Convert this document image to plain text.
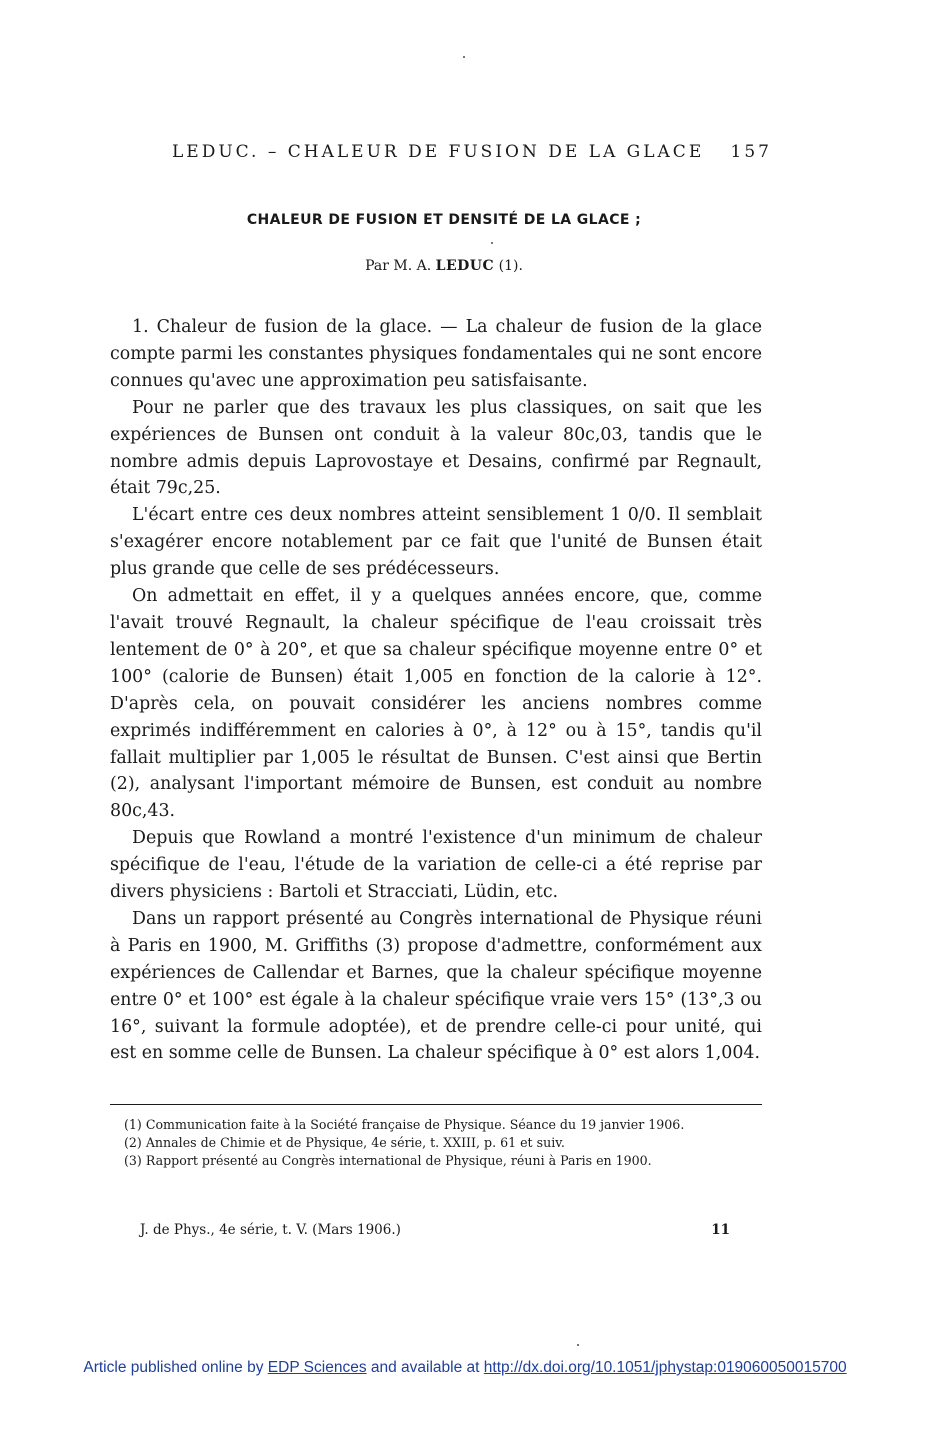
LEDUC. – CHALEUR DE FUSION DE LA GLACE 157
CHALEUR DE FUSION ET DENSITÉ DE LA GLACE ;
Par M. A. LEDUC (1).

1. Chaleur de fusion de la glace. — La chaleur de fusion de la glace compte parmi les constantes physiques fondamentales qui ne sont encore connues qu'avec une approximation peu satisfaisante.

Pour ne parler que des travaux les plus classiques, on sait que les expériences de Bunsen ont conduit à la valeur 80c,03, tandis que le nombre admis depuis Laprovostaye et Desains, confirmé par Regnault, était 79c,25.

L'écart entre ces deux nombres atteint sensiblement 1 0/0. Il semblait s'exagérer encore notablement par ce fait que l'unité de Bunsen était plus grande que celle de ses prédécesseurs.

On admettait en effet, il y a quelques années encore, que, comme l'avait trouvé Regnault, la chaleur spécifique de l'eau croissait très lentement de 0° à 20°, et que sa chaleur spécifique moyenne entre 0° et 100° (calorie de Bunsen) était 1,005 en fonction de la calorie à 12°. D'après cela, on pouvait considérer les anciens nombres comme exprimés indifféremment en calories à 0°, à 12° ou à 15°, tandis qu'il fallait multiplier par 1,005 le résultat de Bunsen. C'est ainsi que Bertin (2), analysant l'important mémoire de Bunsen, est conduit au nombre 80c,43.

Depuis que Rowland a montré l'existence d'un minimum de chaleur spécifique de l'eau, l'étude de la variation de celle-ci a été reprise par divers physiciens : Bartoli et Stracciati, Lüdin, etc.

Dans un rapport présenté au Congrès international de Physique réuni à Paris en 1900, M. Griffiths (3) propose d'admettre, conformément aux expériences de Callendar et Barnes, que la chaleur spécifique moyenne entre 0° et 100° est égale à la chaleur spécifique vraie vers 15° (13°,3 ou 16°, suivant la formule adoptée), et de prendre celle-ci pour unité, qui est en somme celle de Bunsen. La chaleur spécifique à 0° est alors 1,004.

(1) Communication faite à la Société française de Physique. Séance du 19 janvier 1906.

(2) Annales de Chimie et de Physique, 4e série, t. XXIII, p. 61 et suiv.

(3) Rapport présenté au Congrès international de Physique, réuni à Paris en 1900.

J. de Phys., 4e série, t. V. (Mars 1906.)	11
Article published online by EDP Sciences and available at http://dx.doi.org/10.1051/jphystap:019060050015700
